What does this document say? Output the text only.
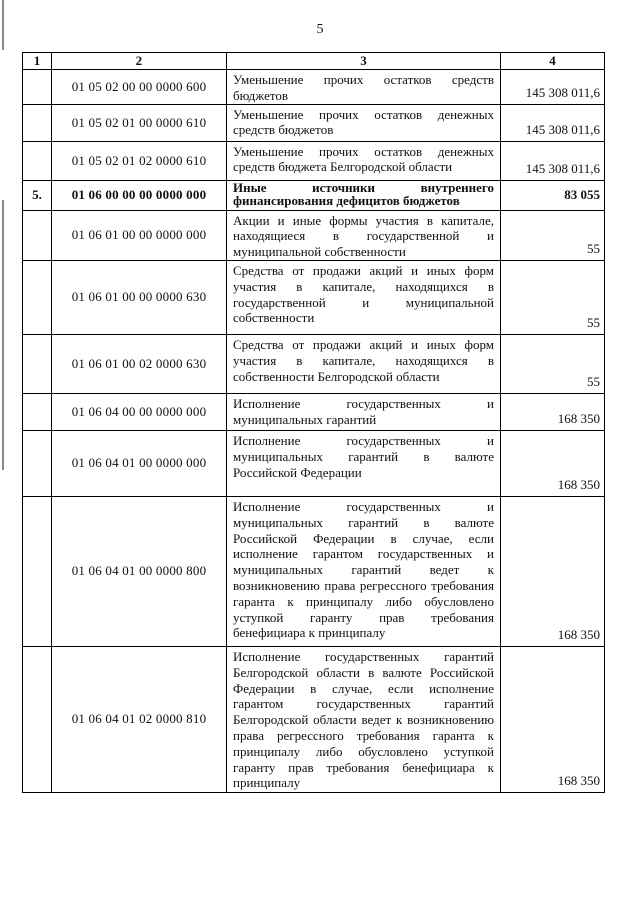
5
1	2	3	4
	01 05 02 00 00 0000 600	Уменьшение прочих остатков средств бюджетов	145 308 011,6
	01 05 02 01 00 0000 610	Уменьшение прочих остатков денежных средств бюджетов	145 308 011,6
	01 05 02 01 02 0000 610	Уменьшение прочих остатков денежных средств бюджета Белгородской области	145 308 011,6
5.	01 06 00 00 00 0000 000	Иные источники внутреннего финансирования дефицитов бюджетов	83 055
	01 06 01 00 00 0000 000	Акции и иные формы участия в капитале, находящиеся в государственной и муниципальной собственности	55
	01 06 01 00 00 0000 630	Средства от продажи акций и иных форм участия в капитале, находящихся в государственной и муниципальной собственности	55
	01 06 01 00 02 0000 630	Средства от продажи акций и иных форм участия в капитале, находящихся в собственности Белгородской области	55
	01 06 04 00 00 0000 000	Исполнение государственных и муниципальных гарантий	168 350
	01 06 04 01 00 0000 000	Исполнение государственных и муниципальных гарантий в валюте Российской Федерации	168 350
	01 06 04 01 00 0000 800	Исполнение государственных и муниципальных гарантий в валюте Российской Федерации в случае, если исполнение гарантом государственных и муниципальных гарантий ведет к возникновению права регрессного требования гаранта к принципалу либо обусловлено уступкой гаранту прав требования бенефициара к принципалу	168 350
	01 06 04 01 02 0000 810	Исполнение государственных гарантий Белгородской области в валюте Российской Федерации в случае, если исполнение гарантом государственных гарантий Белгородской области ведет к возникновению права регрессного требования гаранта к принципалу либо обусловлено уступкой гаранту прав требования бенефициара к принципалу	168 350
